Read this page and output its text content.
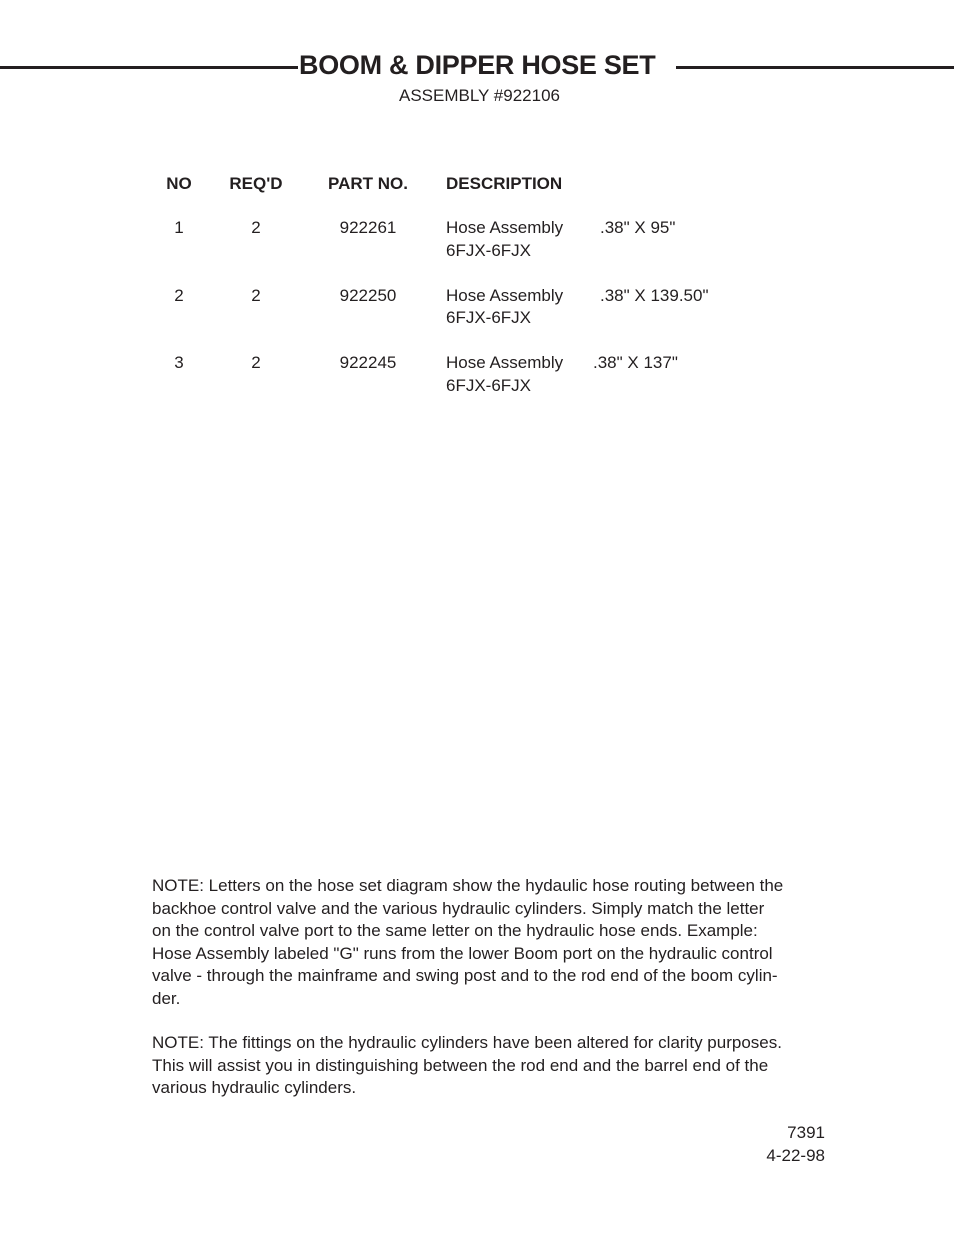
BOOM & DIPPER HOSE SET
ASSEMBLY #922106
NO	REQ'D	PART NO.	DESCRIPTION
1	2	922261	Hose Assembly .38" X 95"
6FJX-6FJX
2	2	922250	Hose Assembly .38" X 139.50"
6FJX-6FJX
3	2	922245	Hose Assembly .38" X 137"
6FJX-6FJX
NOTE: Letters on the hose set diagram show the hydaulic hose routing between the
backhoe control valve and the various hydraulic cylinders. Simply match the letter
on the control valve port to the same letter on the hydraulic hose ends. Example:
Hose Assembly labeled "G" runs from the lower Boom port on the hydraulic control
valve - through the mainframe and swing post and to the rod end of the boom cylin-
der.
NOTE: The fittings on the hydraulic cylinders have been altered for clarity purposes.
This will assist you in distinguishing between the rod end and the barrel end of the
various hydraulic cylinders.
7391
4-22-98
